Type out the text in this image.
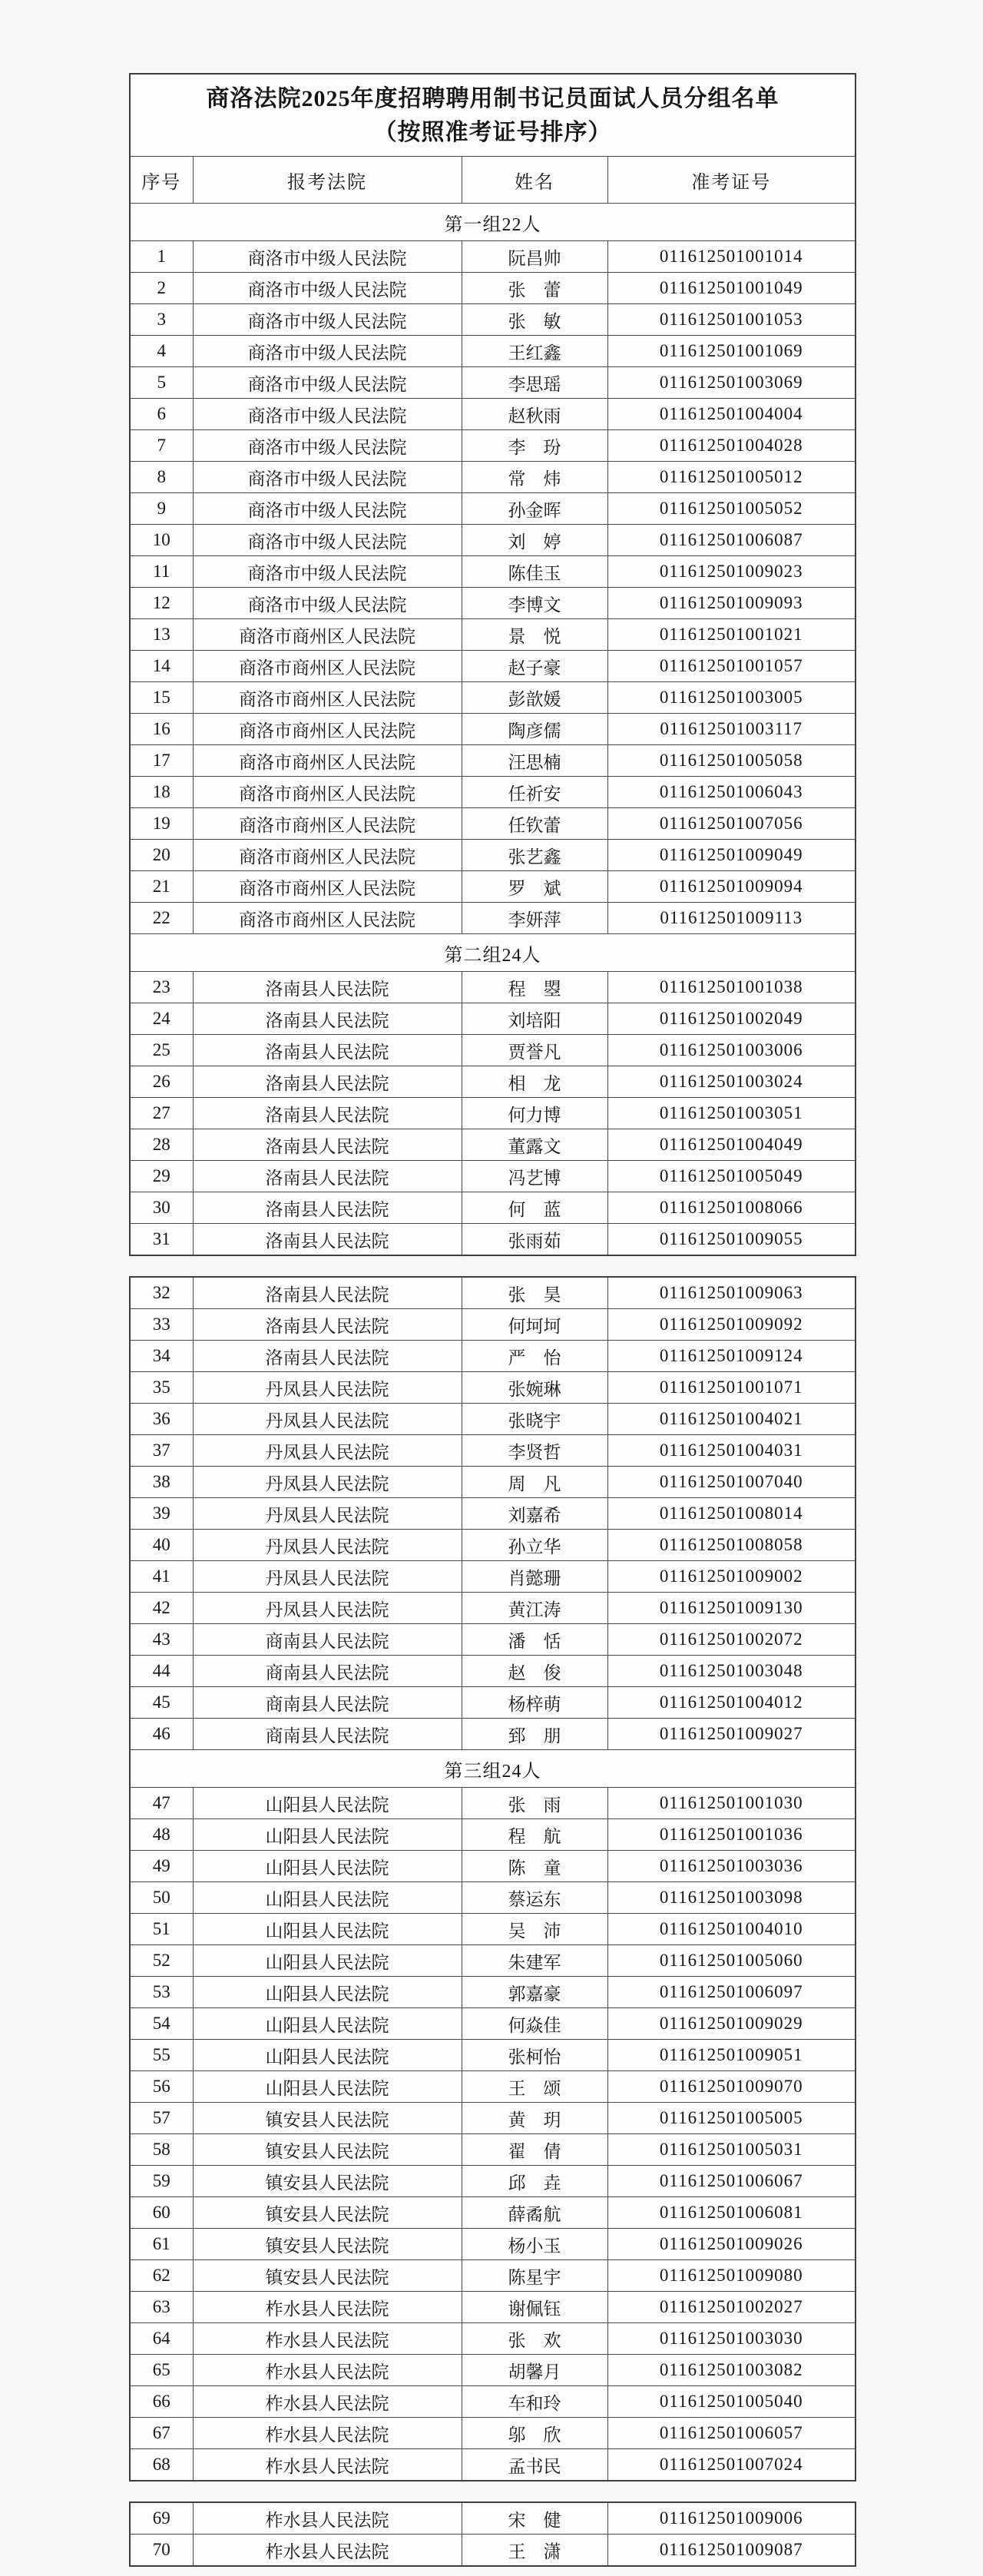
商洛法院2025年度招聘聘用制书记员面试人员分组名单
（按照准考证号排序）			

序号	报考法院	姓名	准考证号
第一组22人			
1	商洛市中级人民法院	阮昌帅	011612501001014
2	商洛市中级人民法院	张　蕾	011612501001049
3	商洛市中级人民法院	张　敏	011612501001053
4	商洛市中级人民法院	王红鑫	011612501001069
5	商洛市中级人民法院	李思瑶	011612501003069
6	商洛市中级人民法院	赵秋雨	011612501004004
7	商洛市中级人民法院	李　玢	011612501004028
8	商洛市中级人民法院	常　炜	011612501005012
9	商洛市中级人民法院	孙金晖	011612501005052
10	商洛市中级人民法院	刘　婷	011612501006087
11	商洛市中级人民法院	陈佳玉	011612501009023
12	商洛市中级人民法院	李博文	011612501009093
13	商洛市商州区人民法院	景　悦	011612501001021
14	商洛市商州区人民法院	赵子豪	011612501001057
15	商洛市商州区人民法院	彭歆媛	011612501003005
16	商洛市商州区人民法院	陶彦儒	011612501003117
17	商洛市商州区人民法院	汪思楠	011612501005058
18	商洛市商州区人民法院	任祈安	011612501006043
19	商洛市商州区人民法院	任钦蕾	011612501007056
20	商洛市商州区人民法院	张艺鑫	011612501009049
21	商洛市商州区人民法院	罗　斌	011612501009094
22	商洛市商州区人民法院	李妍萍	011612501009113
第二组24人			
23	洛南县人民法院	程　曌	011612501001038
24	洛南县人民法院	刘培阳	011612501002049
25	洛南县人民法院	贾誉凡	011612501003006
26	洛南县人民法院	相　龙	011612501003024
27	洛南县人民法院	何力博	011612501003051
28	洛南县人民法院	董露文	011612501004049
29	洛南县人民法院	冯艺博	011612501005049
30	洛南县人民法院	何　蓝	011612501008066
31	洛南县人民法院	张雨茹	011612501009055
32	洛南县人民法院	张　昊	011612501009063
33	洛南县人民法院	何坷坷	011612501009092
34	洛南县人民法院	严　怡	011612501009124
35	丹凤县人民法院	张婉琳	011612501001071
36	丹凤县人民法院	张晓宇	011612501004021
37	丹凤县人民法院	李贤哲	011612501004031
38	丹凤县人民法院	周　凡	011612501007040
39	丹凤县人民法院	刘嘉希	011612501008014
40	丹凤县人民法院	孙立华	011612501008058
41	丹凤县人民法院	肖懿珊	011612501009002
42	丹凤县人民法院	黄江涛	011612501009130
43	商南县人民法院	潘　恬	011612501002072
44	商南县人民法院	赵　俊	011612501003048
45	商南县人民法院	杨梓萌	011612501004012
46	商南县人民法院	郅　朋	011612501009027
第三组24人			
47	山阳县人民法院	张　雨	011612501001030
48	山阳县人民法院	程　航	011612501001036
49	山阳县人民法院	陈　童	011612501003036
50	山阳县人民法院	蔡运东	011612501003098
51	山阳县人民法院	吴　沛	011612501004010
52	山阳县人民法院	朱建军	011612501005060
53	山阳县人民法院	郭嘉豪	011612501006097
54	山阳县人民法院	何焱佳	011612501009029
55	山阳县人民法院	张柯怡	011612501009051
56	山阳县人民法院	王　颂	011612501009070
57	镇安县人民法院	黄　玥	011612501005005
58	镇安县人民法院	翟　倩	011612501005031
59	镇安县人民法院	邱　垚	011612501006067
60	镇安县人民法院	薛矞航	011612501006081
61	镇安县人民法院	杨小玉	011612501009026
62	镇安县人民法院	陈星宇	011612501009080
63	柞水县人民法院	谢佩钰	011612501002027
64	柞水县人民法院	张　欢	011612501003030
65	柞水县人民法院	胡馨月	011612501003082
66	柞水县人民法院	车和玲	011612501005040
67	柞水县人民法院	邬　欣	011612501006057
68	柞水县人民法院	孟书民	011612501007024
69	柞水县人民法院	宋　健	011612501009006
70	柞水县人民法院	王　潇	011612501009087
